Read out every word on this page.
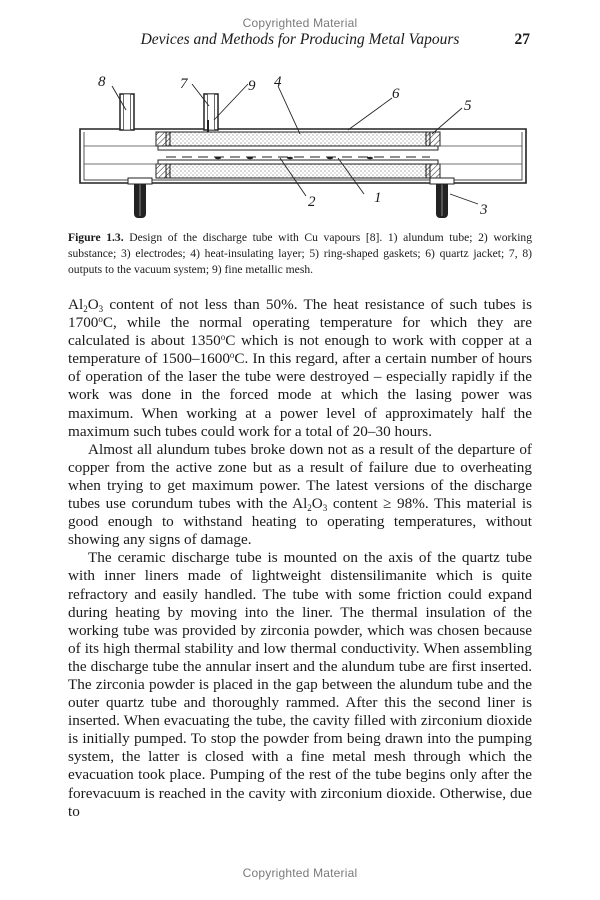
Copyrighted Material
Devices and Methods for Producing Metal Vapours	27
8	7	9 4
6
5
2	1
3
Figure 1.3. Design of the discharge tube with Cu vapours [8]. 1) alundum tube; 2) working substance; 3) electrodes; 4) heat-insulating layer; 5) ring-shaped gaskets; 6) quartz jacket; 7, 8) outputs to the vacuum system; 9) fine metallic mesh.

$Al_2O_3$ content of not less than 50%. The heat resistance of such tubes is 1700$^o$C, while the normal operating temperature for which they are calculated is about 1350$^o$C which is not enough to work with copper at a temperature of 1500–1600$^o$C. In this regard, after a certain number of hours of operation of the laser the tube were destroyed – especially rapidly if the work was done in the forced mode at which the lasing power was maximum. When working at a power level of approximately half the maximum such tubes could work for a total of 20–30 hours.

Almost all alundum tubes broke down not as a result of the departure of copper from the active zone but as a result of failure due to overheating when trying to get maximum power. The latest versions of the discharge tubes use corundum tubes with the $Al_2O_3$ content ≥ 98%. This material is good enough to withstand heating to operating temperatures, without showing any signs of damage.

The ceramic discharge tube is mounted on the axis of the quartz tube with inner liners made of lightweight distensilimanite which is quite refractory and easily handled. The tube with some friction could expand during heating by moving into the liner. The thermal insulation of the working tube was provided by zirconia powder, which was chosen because of its high thermal stability and low thermal conductivity. When assembling the discharge tube the annular insert and the alundum tube are first inserted. The zirconia powder is placed in the gap between the alundum tube and the outer quartz tube and thoroughly rammed. After this the second liner is inserted. When evacuating the tube, the cavity filled with zirconium dioxide is initially pumped. To stop the powder from being drawn into the pumping system, the latter is closed with a fine metal mesh through which the evacuation took place. Pumping of the rest of the tube begins only after the forevacuum is reached in the cavity with zirconium dioxide. Otherwise, due to

Copyrighted Material
